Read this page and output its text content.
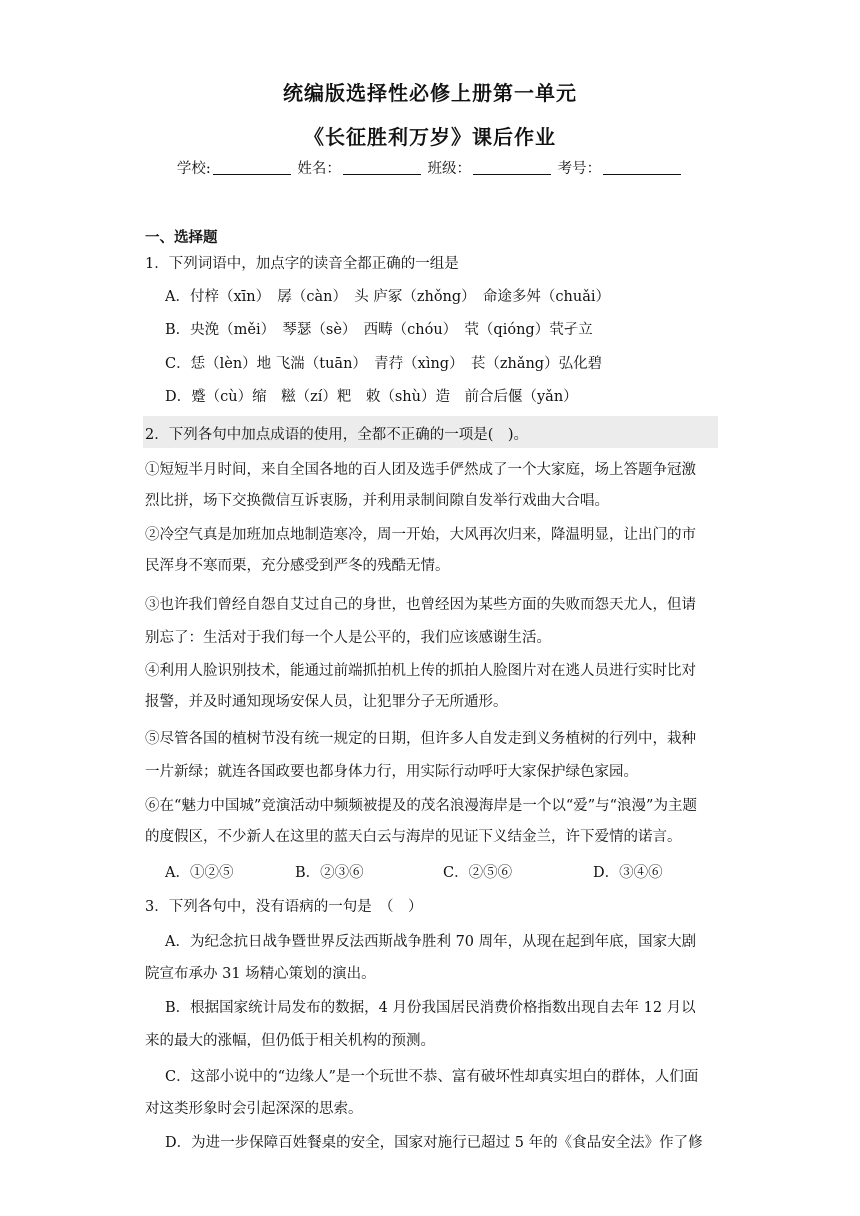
统编版选择性必修上册第一单元
《长征胜利万岁》课后作业
学校:	姓名：	班级：	考号：
一、选择题
1．下列词语中，加点字的读音全都正确的一组是
A．付梓（xīn）　孱（càn）　头 庐冢（zhǒng）　命途多舛（chuǎi）
B．央浼（měi）　琴瑟（sè）　西畴（chóu）　茕（qióng）茕孑立
C．恁（lèn）地 飞湍（tuān）　青荇（xìng）　苌（zhǎng）弘化碧
D．蹙（cù）缩　糍（zí）粑　敕（shù）造　前合后偃（yǎn）
2．下列各句中加点成语的使用，全都不正确的一项是(　)。
①短短半月时间，来自全国各地的百人团及选手俨然成了一个大家庭，场上答题争冠激
烈比拼，场下交换微信互诉衷肠，并利用录制间隙自发举行戏曲大合唱。
②冷空气真是加班加点地制造寒冷，周一开始，大风再次归来，降温明显，让出门的市
民浑身不寒而栗，充分感受到严冬的残酷无情。
③也许我们曾经自怨自艾过自己的身世，也曾经因为某些方面的失败而怨天尤人，但请
别忘了：生活对于我们每一个人是公平的，我们应该感谢生活。
④利用人脸识别技术，能通过前端抓拍机上传的抓拍人脸图片对在逃人员进行实时比对
报警，并及时通知现场安保人员，让犯罪分子无所遁形。
⑤尽管各国的植树节没有统一规定的日期，但许多人自发走到义务植树的行列中，栽种
一片新绿；就连各国政要也都身体力行，用实际行动呼吁大家保护绿色家园。
⑥在“魅力中国城”竞演活动中频频被提及的茂名浪漫海岸是一个以“爱”与“浪漫”为主题
的度假区，不少新人在这里的蓝天白云与海岸的见证下义结金兰，许下爱情的诺言。
A．①②⑤	B．②③⑥	C．②⑤⑥	D．③④⑥
3．下列各句中，没有语病的一句是　（　）
A．为纪念抗日战争暨世界反法西斯战争胜利 70 周年，从现在起到年底，国家大剧
院宣布承办 31 场精心策划的演出。
B．根据国家统计局发布的数据，4 月份我国居民消费价格指数出现自去年 12 月以
来的最大的涨幅，但仍低于相关机构的预测。
C．这部小说中的“边缘人”是一个玩世不恭、富有破坏性却真实坦白的群体，人们面
对这类形象时会引起深深的思索。
D．为进一步保障百姓餐桌的安全，国家对施行已超过 5 年的《食品安全法》作了修
